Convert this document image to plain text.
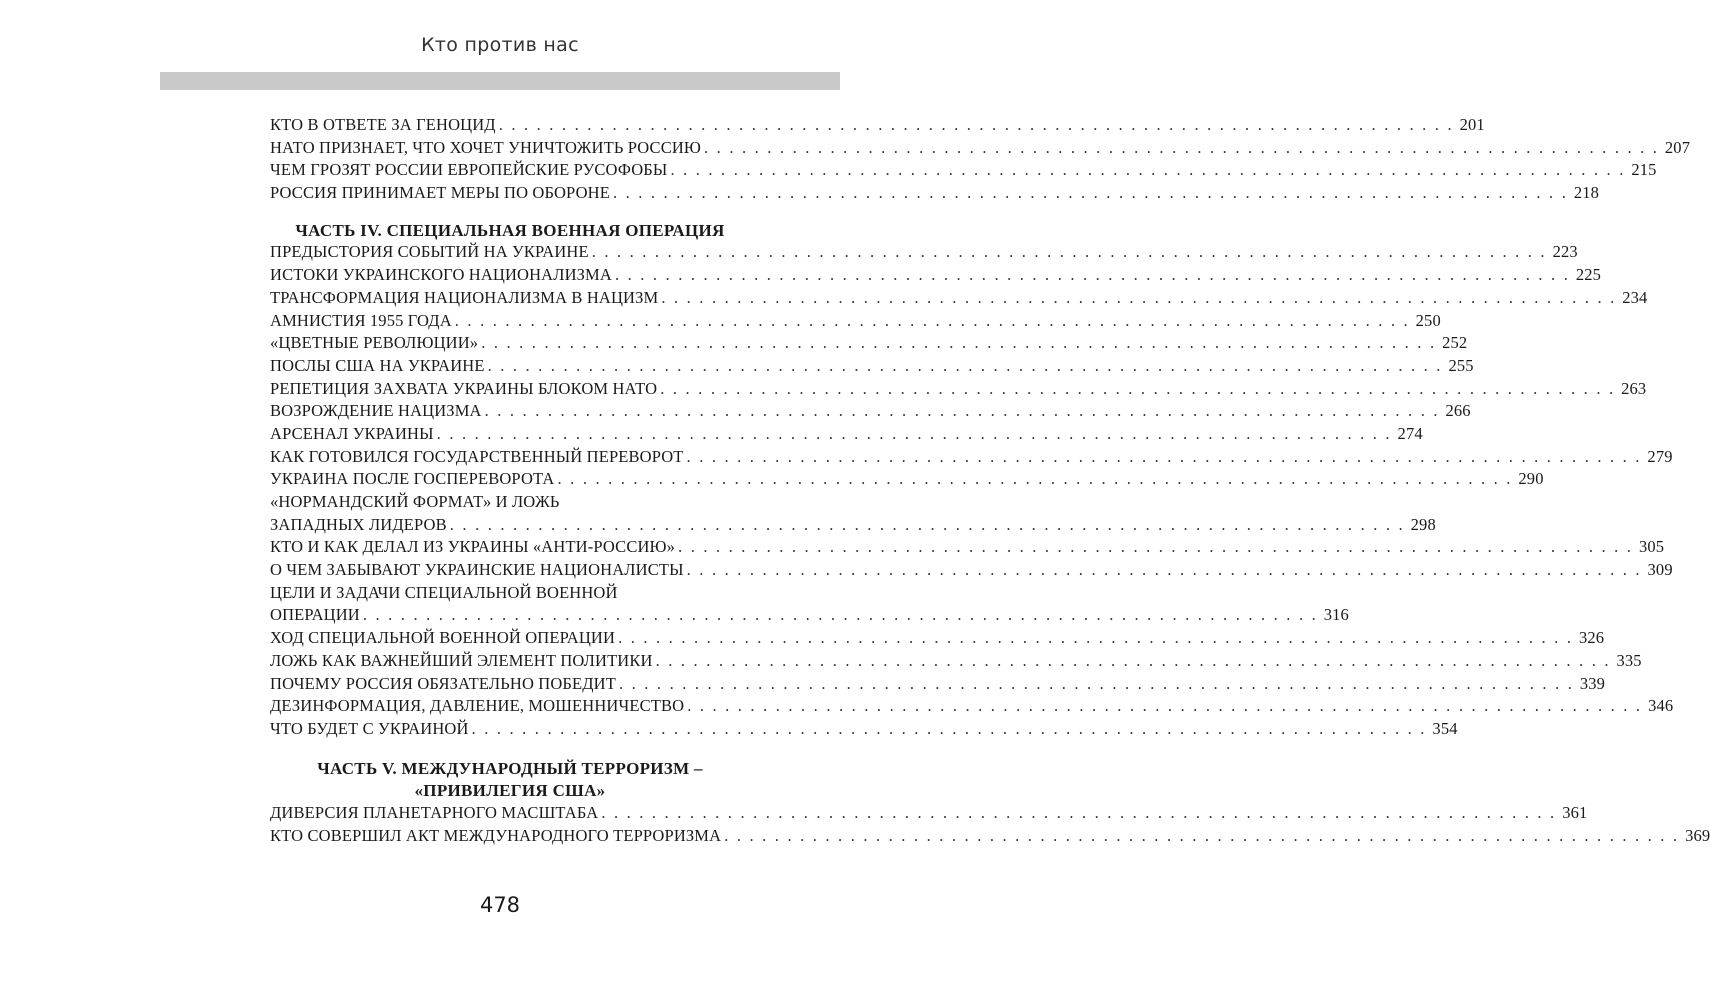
Кто против нас
КТО В ОТВЕТЕ ЗА ГЕНОЦИД . . .	201
НАТО ПРИЗНАЕТ, ЧТО ХОЧЕТ УНИЧТОЖИТЬ РОССИЮ . . .	207
ЧЕМ ГРОЗЯТ РОССИИ ЕВРОПЕЙСКИЕ РУСОФОБЫ . . .	215
РОССИЯ ПРИНИМАЕТ МЕРЫ ПО ОБОРОНЕ . . .	218
ЧАСТЬ IV. СПЕЦИАЛЬНАЯ ВОЕННАЯ ОПЕРАЦИЯ
ПРЕДЫСТОРИЯ СОБЫТИЙ НА УКРАИНЕ . . .	223
ИСТОКИ УКРАИНСКОГО НАЦИОНАЛИЗМА . . .	225
ТРАНСФОРМАЦИЯ НАЦИОНАЛИЗМА В НАЦИЗМ . . .	234
АМНИСТИЯ 1955 ГОДА . . .	250
«ЦВЕТНЫЕ РЕВОЛЮЦИИ» . . .	252
ПОСЛЫ США НА УКРАИНЕ . . .	255
РЕПЕТИЦИЯ ЗАХВАТА УКРАИНЫ БЛОКОМ НАТО . . .	263
ВОЗРОЖДЕНИЕ НАЦИЗМА . . .	266
АРСЕНАЛ УКРАИНЫ . . .	274
КАК ГОТОВИЛСЯ ГОСУДАРСТВЕННЫЙ ПЕРЕВОРОТ . . .	279
УКРАИНА ПОСЛЕ ГОСПЕРЕВОРОТА . . .	290
«НОРМАНДСКИЙ ФОРМАТ» И ЛОЖЬ
ЗАПАДНЫХ ЛИДЕРОВ . . .	298
КТО И КАК ДЕЛАЛ ИЗ УКРАИНЫ «АНТИ-РОССИЮ» . . .	305
О ЧЕМ ЗАБЫВАЮТ УКРАИНСКИЕ НАЦИОНАЛИСТЫ . . .	309
ЦЕЛИ И ЗАДАЧИ СПЕЦИАЛЬНОЙ ВОЕННОЙ
ОПЕРАЦИИ . . .	316
ХОД СПЕЦИАЛЬНОЙ ВОЕННОЙ ОПЕРАЦИИ . . .	326
ЛОЖЬ КАК ВАЖНЕЙШИЙ ЭЛЕМЕНТ ПОЛИТИКИ . . .	335
ПОЧЕМУ РОССИЯ ОБЯЗАТЕЛЬНО ПОБЕДИТ . . .	339
ДЕЗИНФОРМАЦИЯ, ДАВЛЕНИЕ, МОШЕННИЧЕСТВО . . .	346
ЧТО БУДЕТ С УКРАИНОЙ . . .	354
ЧАСТЬ V. МЕЖДУНАРОДНЫЙ ТЕРРОРИЗМ –
«ПРИВИЛЕГИЯ США»
ДИВЕРСИЯ ПЛАНЕТАРНОГО МАСШТАБА . . .	361
КТО СОВЕРШИЛ АКТ МЕЖДУНАРОДНОГО ТЕРРОРИЗМА . . .	369
478
